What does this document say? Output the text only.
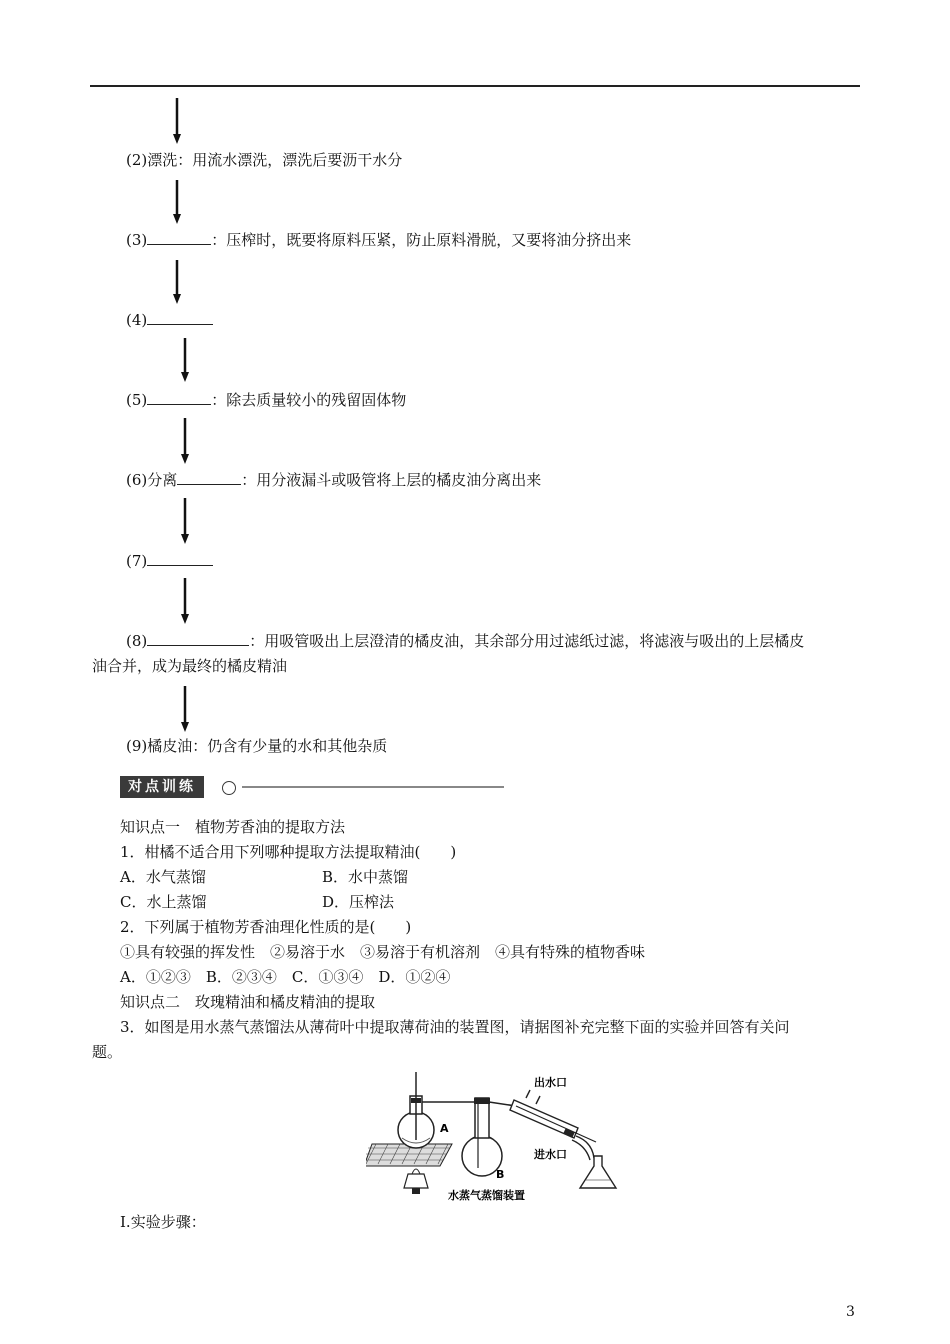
(2)漂洗：用流水漂洗，漂洗后要沥干水分
(3)	：压榨时，既要将原料压紧，防止原料滑脱，又要将油分挤出来
(4)
(5)	：除去质量较小的残留固体物
(6)分离	：用分液漏斗或吸管将上层的橘皮油分离出来
(7)
(8)	：用吸管吸出上层澄清的橘皮油，其余部分用过滤纸过滤，将滤液与吸出的上层橘皮
油合并，成为最终的橘皮精油
(9)橘皮油：仍含有少量的水和其他杂质
对点训练
知识点一　植物芳香油的提取方法
1．柑橘不适合用下列哪种提取方法提取精油(　　)
A．水气蒸馏	B．水中蒸馏
C．水上蒸馏	D．压榨法
2．下列属于植物芳香油理化性质的是(　　)
①具有较强的挥发性　②易溶于水　③易溶于有机溶剂　④具有特殊的植物香味
A．①②③　B．②③④　C．①③④　D．①②④
知识点二　玫瑰精油和橘皮精油的提取
3．如图是用水蒸气蒸馏法从薄荷叶中提取薄荷油的装置图，请据图补充完整下面的实验并回答有关问
题。
A
B
出水口
进水口
水蒸气蒸馏装置
Ⅰ.实验步骤：
3
